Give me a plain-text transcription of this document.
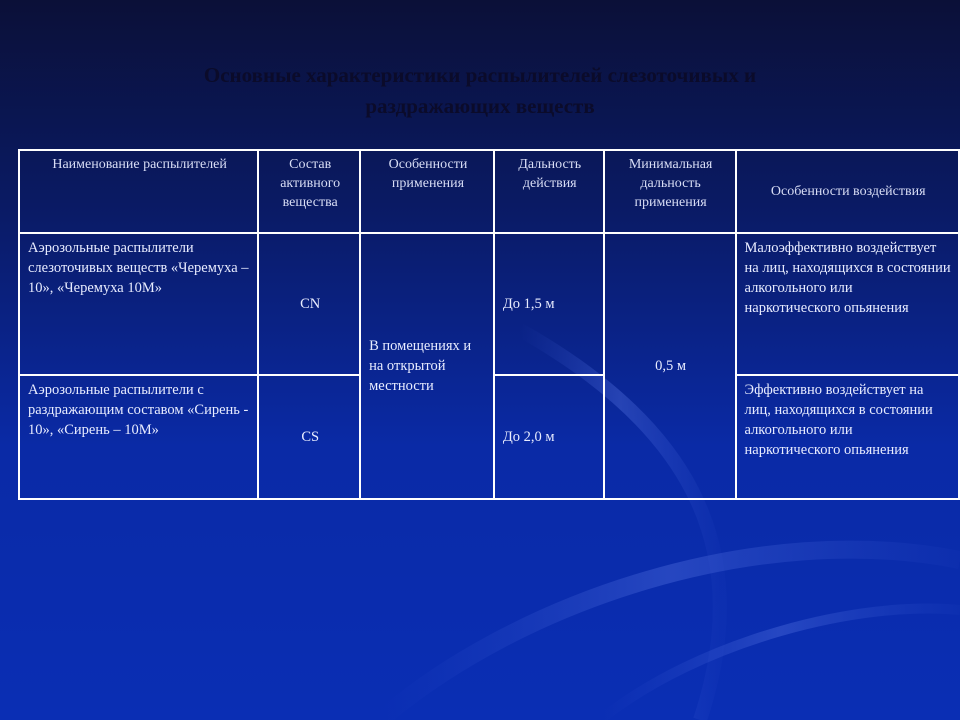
Основные характеристики распылителей слезоточивых и
раздражающих веществ
Наименование распылителей	Состав активного вещества	Особенности применения	Дальность действия	Минимальная дальность применения	Особенности воздействия
Аэрозольные распылители слезоточивых веществ «Черемуха – 10», «Черемуха 10М»	CN	В помещениях и на открытой местности	До 1,5 м	0,5 м	Малоэффективно воздействует на лиц, находящихся в состоянии алкогольного или наркотического опьянения
Аэрозольные распылители с раздражающим составом «Сирень - 10», «Сирень – 10М»	CS		До 2,0 м		Эффективно воздействует на лиц, находящихся в состоянии алкогольного или наркотического опьянения
